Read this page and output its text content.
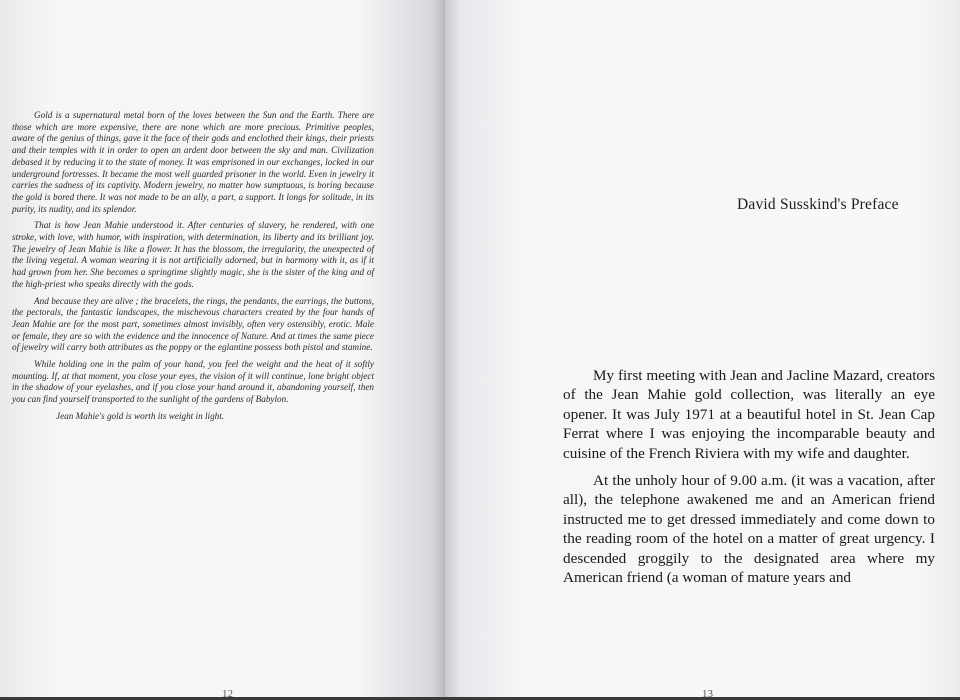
Gold is a supernatural metal born of the loves between the Sun and the Earth. There are those which are more expensive, there are none which are more precious. Primitive peoples, aware of the genius of things, gave it the face of their gods and enclothed their kings, their priests and their temples with it in order to open an ardent door between the sky and man. Civilization debased it by reducing it to the state of money. It was emprisoned in our exchanges, locked in our underground fortresses. It became the most well guarded prisoner in the world. Even in jewelry it carries the sadness of its captivity. Modern jewelry, no matter how sumptuous, is boring because the gold is bored there. It was not made to be an ally, a part, a support. It longs for solitude, in its purity, its nudity, and its splendor.

That is how Jean Mahie understood it. After centuries of slavery, he rendered, with one stroke, with love, with humor, with inspiration, with determination, its liberty and its brilliant joy. The jewelry of Jean Mahie is like a flower. It has the blossom, the irregularity, the unexpected of the living vegetal. A woman wearing it is not artificially adorned, but in harmony with it, as if it had grown from her. She becomes a springtime slightly magic, she is the sister of the king and of the high-priest who speaks directly with the gods.

And because they are alive ; the bracelets, the rings, the pendants, the earrings, the buttons, the pectorals, the fantastic landscapes, the mischevous characters created by the four hands of Jean Mahie are for the most part, sometimes almost invisibly, often very ostensibly, erotic. Male or female, they are so with the evidence and the innocence of Nature. And at times the same piece of jewelry will carry both attributes as the poppy or the eglantine possess both pistol and stamine.

While holding one in the palm of your hand, you feel the weight and the heat of it softly mounting. If, at that moment, you close your eyes, the vision of it will continue, lone bright object in the shadow of your eyelashes, and if you close your hand around it, abandoning yourself, then you can find yourself transported to the sunlight of the gardens of Babylon.

Jean Mahie's gold is worth its weight in light.

12
David Susskind's Preface

My first meeting with Jean and Jacline Mazard, creators of the Jean Mahie gold collection, was literally an eye opener. It was July 1971 at a beautiful hotel in St. Jean Cap Ferrat where I was enjoying the incomparable beauty and cuisine of the French Riviera with my wife and daughter.

At the unholy hour of 9.00 a.m. (it was a vacation, after all), the telephone awakened me and an American friend instructed me to get dressed immediately and come down to the reading room of the hotel on a matter of great urgency. I descended groggily to the designated area where my American friend (a woman of mature years and

13
